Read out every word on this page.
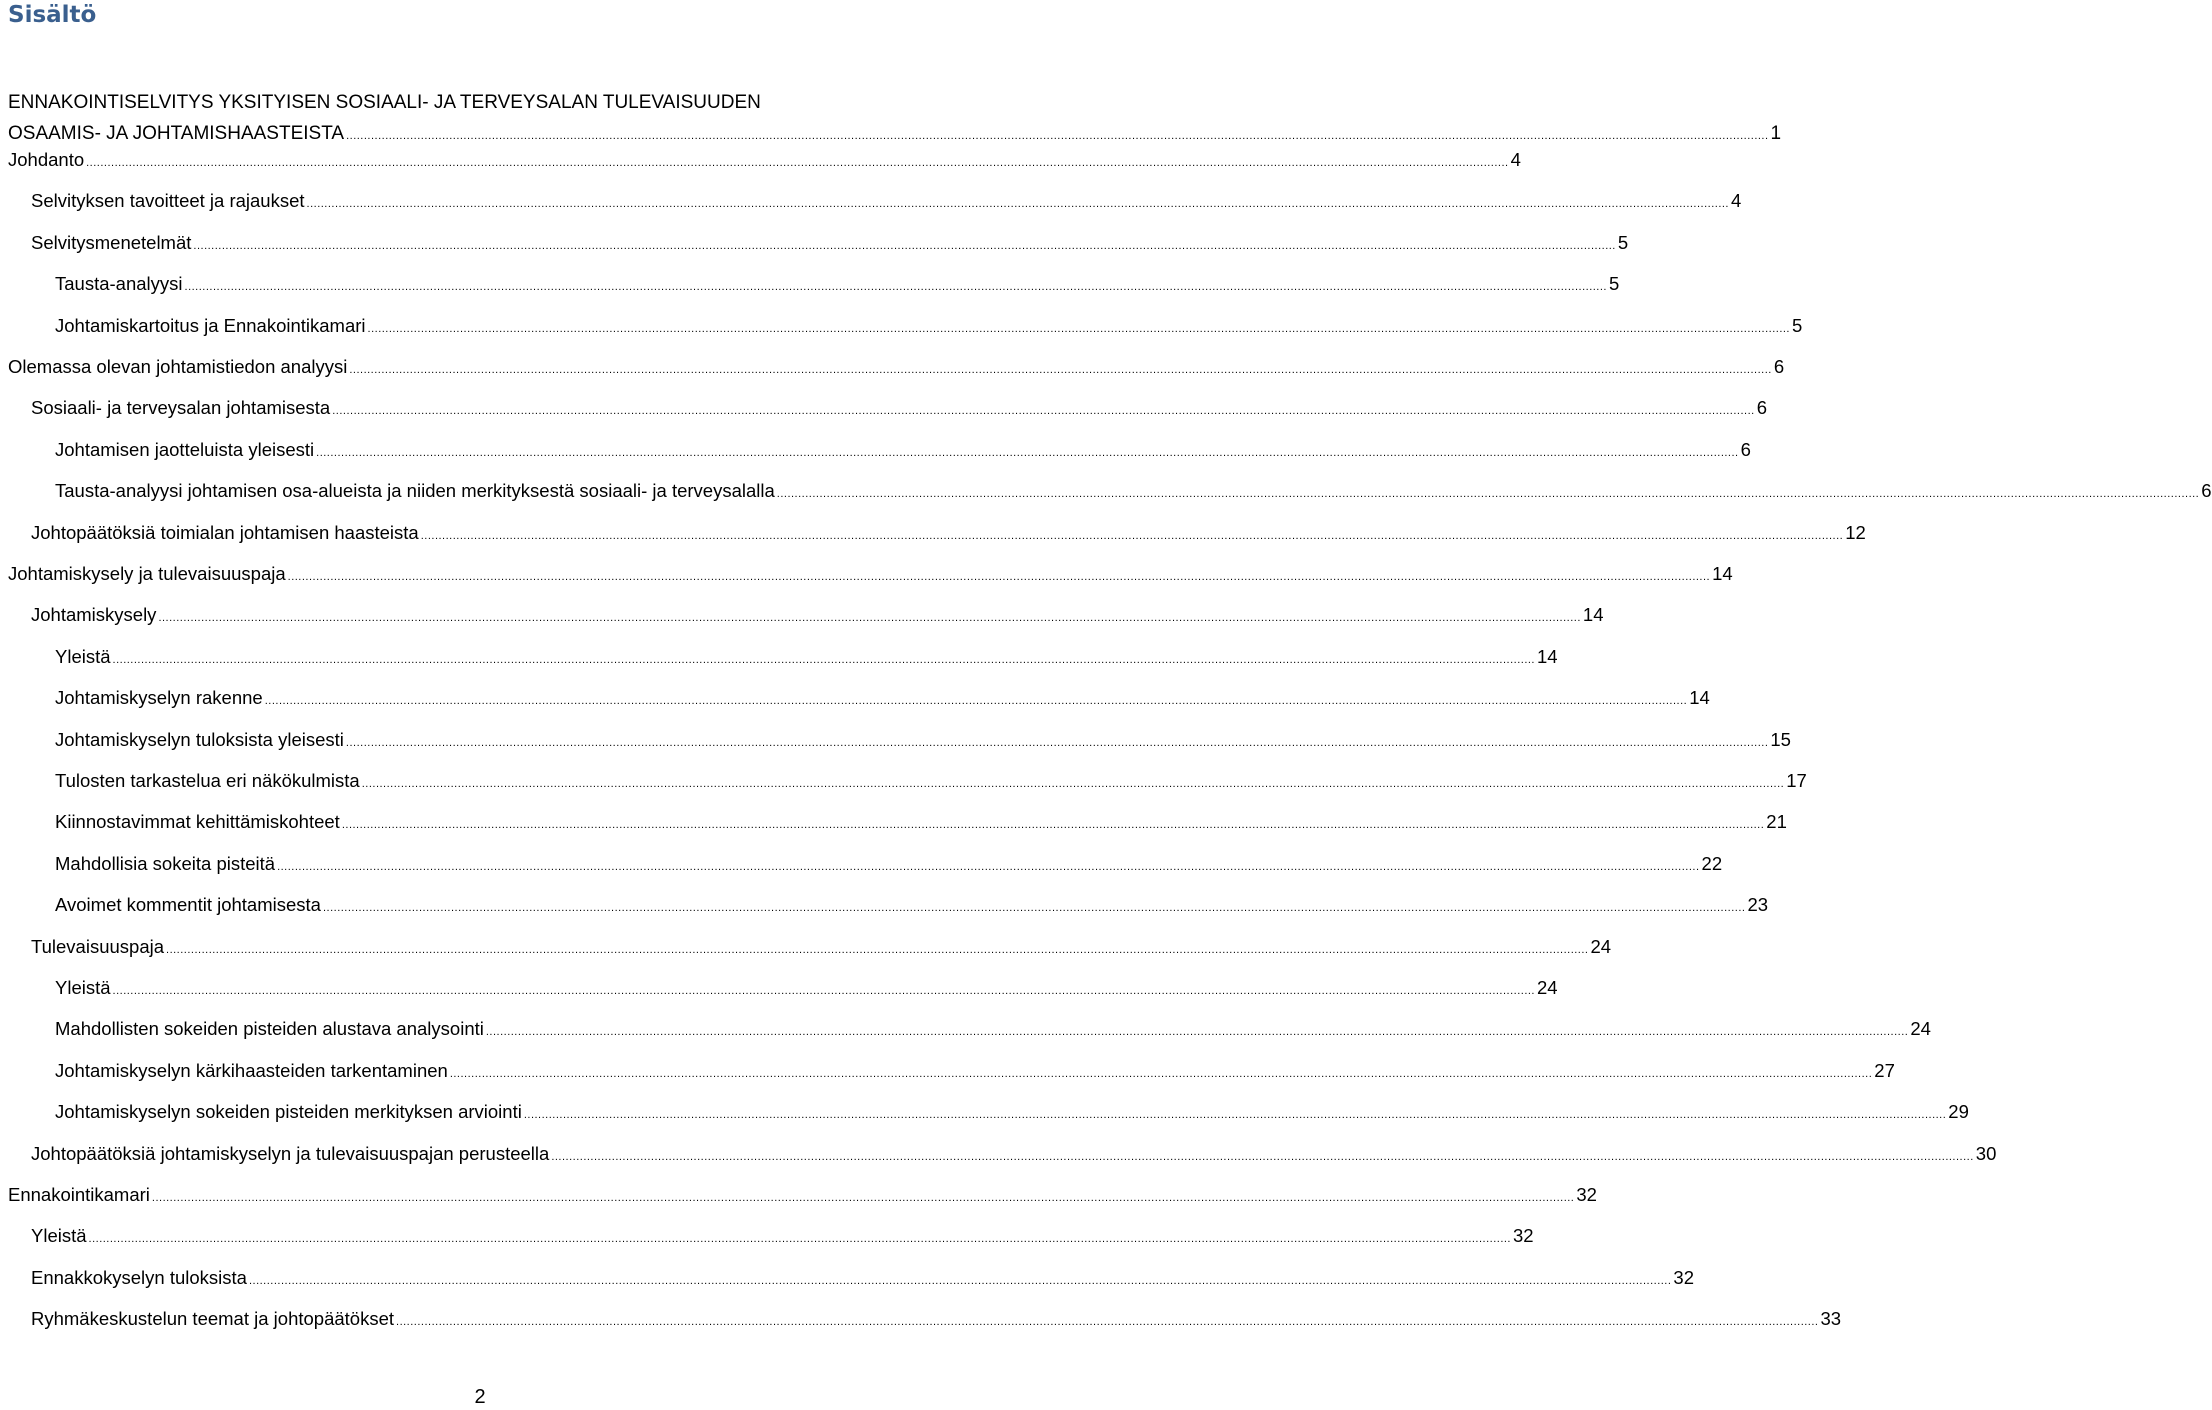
Sisältö
ENNAKOINTISELVITYS YKSITYISEN SOSIAALI- JA TERVEYSALAN TULEVAISUUDEN
OSAAMIS- JA JOHTAMISHAASTEISTA ................................................................................................................................................................................................................................................................................................................................................................................................................ 1
Johdanto ................................................................................................................................................................................................................................................................................................................................................................................................................ 4
Selvityksen tavoitteet ja rajaukset ................................................................................................................................................................................................................................................................................................................................................................................................................ 4
Selvitysmenetelmät ................................................................................................................................................................................................................................................................................................................................................................................................................ 5
Tausta-analyysi ................................................................................................................................................................................................................................................................................................................................................................................................................ 5
Johtamiskartoitus ja Ennakointikamari ................................................................................................................................................................................................................................................................................................................................................................................................................ 5
Olemassa olevan johtamistiedon analyysi ................................................................................................................................................................................................................................................................................................................................................................................................................ 6
Sosiaali- ja terveysalan johtamisesta ................................................................................................................................................................................................................................................................................................................................................................................................................ 6
Johtamisen jaotteluista yleisesti ................................................................................................................................................................................................................................................................................................................................................................................................................ 6
Tausta-analyysi johtamisen osa-alueista ja niiden merkityksestä sosiaali- ja terveysalalla ................................................................................................................................................................................................................................................................................................................................................................................................................ 6
Johtopäätöksiä toimialan johtamisen haasteista ................................................................................................................................................................................................................................................................................................................................................................................................................ 12
Johtamiskysely ja tulevaisuuspaja ................................................................................................................................................................................................................................................................................................................................................................................................................ 14
Johtamiskysely ................................................................................................................................................................................................................................................................................................................................................................................................................ 14
Yleistä ................................................................................................................................................................................................................................................................................................................................................................................................................ 14
Johtamiskyselyn rakenne ................................................................................................................................................................................................................................................................................................................................................................................................................ 14
Johtamiskyselyn tuloksista yleisesti ................................................................................................................................................................................................................................................................................................................................................................................................................ 15
Tulosten tarkastelua eri näkökulmista ................................................................................................................................................................................................................................................................................................................................................................................................................ 17
Kiinnostavimmat kehittämiskohteet ................................................................................................................................................................................................................................................................................................................................................................................................................ 21
Mahdollisia sokeita pisteitä ................................................................................................................................................................................................................................................................................................................................................................................................................ 22
Avoimet kommentit johtamisesta ................................................................................................................................................................................................................................................................................................................................................................................................................ 23
Tulevaisuuspaja ................................................................................................................................................................................................................................................................................................................................................................................................................ 24
Yleistä ................................................................................................................................................................................................................................................................................................................................................................................................................ 24
Mahdollisten sokeiden pisteiden alustava analysointi ................................................................................................................................................................................................................................................................................................................................................................................................................ 24
Johtamiskyselyn kärkihaasteiden tarkentaminen ................................................................................................................................................................................................................................................................................................................................................................................................................ 27
Johtamiskyselyn sokeiden pisteiden merkityksen arviointi ................................................................................................................................................................................................................................................................................................................................................................................................................ 29
Johtopäätöksiä johtamiskyselyn ja tulevaisuuspajan perusteella ................................................................................................................................................................................................................................................................................................................................................................................................................ 30
Ennakointikamari ................................................................................................................................................................................................................................................................................................................................................................................................................ 32
Yleistä ................................................................................................................................................................................................................................................................................................................................................................................................................ 32
Ennakkokyselyn tuloksista ................................................................................................................................................................................................................................................................................................................................................................................................................ 32
Ryhmäkeskustelun teemat ja johtopäätökset ................................................................................................................................................................................................................................................................................................................................................................................................................ 33
2
